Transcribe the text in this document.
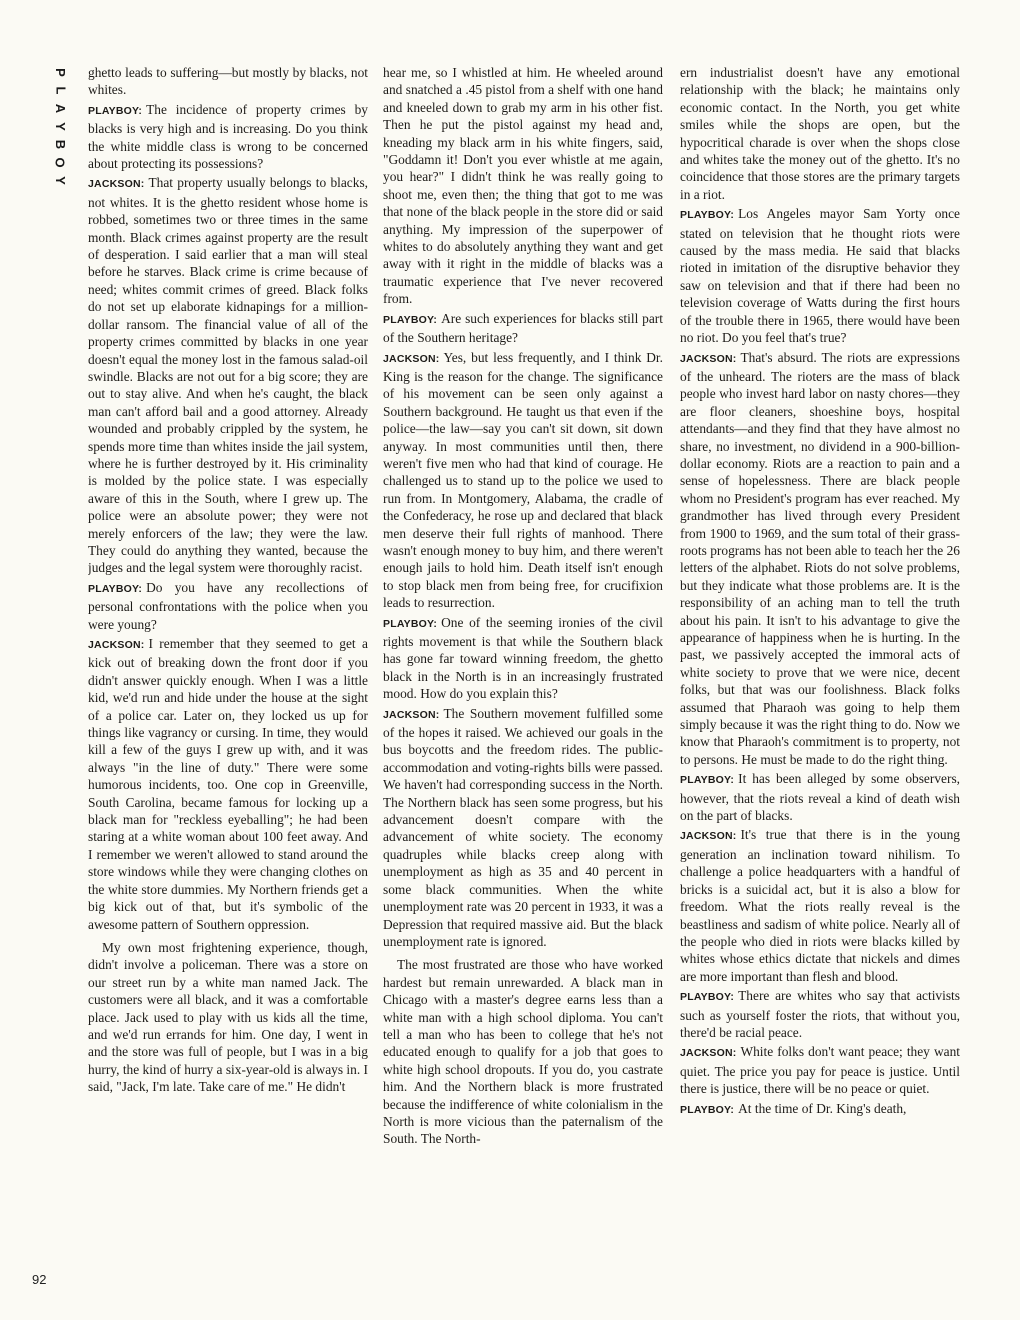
P
L
A
Y
B
O
Y

ghetto leads to suffering—but mostly by blacks, not whites.

PLAYBOY: The incidence of property crimes by blacks is very high and is increasing. Do you think the white middle class is wrong to be concerned about protecting its possessions?

JACKSON: That property usually belongs to blacks, not whites. It is the ghetto resident whose home is robbed, sometimes two or three times in the same month. Black crimes against property are the result of desperation. I said earlier that a man will steal before he starves. Black crime is crime because of need; whites commit crimes of greed. Black folks do not set up elaborate kidnapings for a million-dollar ransom. The financial value of all of the property crimes committed by blacks in one year doesn't equal the money lost in the famous salad-oil swindle. Blacks are not out for a big score; they are out to stay alive. And when he's caught, the black man can't afford bail and a good attorney. Already wounded and probably crippled by the system, he spends more time than whites inside the jail system, where he is further destroyed by it. His criminality is molded by the police state. I was especially aware of this in the South, where I grew up. The police were an absolute power; they were not merely enforcers of the law; they were the law. They could do anything they wanted, because the judges and the legal system were thoroughly racist.

PLAYBOY: Do you have any recollections of personal confrontations with the police when you were young?

JACKSON: I remember that they seemed to get a kick out of breaking down the front door if you didn't answer quickly enough. When I was a little kid, we'd run and hide under the house at the sight of a police car. Later on, they locked us up for things like vagrancy or cursing. In time, they would kill a few of the guys I grew up with, and it was always "in the line of duty." There were some humorous incidents, too. One cop in Greenville, South Carolina, became famous for locking up a black man for "reckless eyeballing"; he had been staring at a white woman about 100 feet away. And I remember we weren't allowed to stand around the store windows while they were changing clothes on the white store dummies. My Northern friends get a big kick out of that, but it's symbolic of the awesome pattern of Southern oppression.

My own most frightening experience, though, didn't involve a policeman. There was a store on our street run by a white man named Jack. The customers were all black, and it was a comfortable place. Jack used to play with us kids all the time, and we'd run errands for him. One day, I went in and the store was full of people, but I was in a big hurry, the kind of hurry a six-year-old is always in. I said, "Jack, I'm late. Take care of me." He didn't

hear me, so I whistled at him. He wheeled around and snatched a .45 pistol from a shelf with one hand and kneeled down to grab my arm in his other fist. Then he put the pistol against my head and, kneading my black arm in his white fingers, said, "Goddamn it! Don't you ever whistle at me again, you hear?" I didn't think he was really going to shoot me, even then; the thing that got to me was that none of the black people in the store did or said anything. My impression of the superpower of whites to do absolutely anything they want and get away with it right in the middle of blacks was a traumatic experience that I've never recovered from.

PLAYBOY: Are such experiences for blacks still part of the Southern heritage?

JACKSON: Yes, but less frequently, and I think Dr. King is the reason for the change. The significance of his movement can be seen only against a Southern background. He taught us that even if the police—the law—say you can't sit down, sit down anyway. In most communities until then, there weren't five men who had that kind of courage. He challenged us to stand up to the police we used to run from. In Montgomery, Alabama, the cradle of the Confederacy, he rose up and declared that black men deserve their full rights of manhood. There wasn't enough money to buy him, and there weren't enough jails to hold him. Death itself isn't enough to stop black men from being free, for crucifixion leads to resurrection.

PLAYBOY: One of the seeming ironies of the civil rights movement is that while the Southern black has gone far toward winning freedom, the ghetto black in the North is in an increasingly frustrated mood. How do you explain this?

JACKSON: The Southern movement fulfilled some of the hopes it raised. We achieved our goals in the bus boycotts and the freedom rides. The public-accommodation and voting-rights bills were passed. We haven't had corresponding success in the North. The Northern black has seen some progress, but his advancement doesn't compare with the advancement of white society. The economy quadruples while blacks creep along with unemployment as high as 35 and 40 percent in some black communities. When the white unemployment rate was 20 percent in 1933, it was a Depression that required massive aid. But the black unemployment rate is ignored.

The most frustrated are those who have worked hardest but remain unrewarded. A black man in Chicago with a master's degree earns less than a white man with a high school diploma. You can't tell a man who has been to college that he's not educated enough to qualify for a job that goes to white high school dropouts. If you do, you castrate him. And the Northern black is more frustrated because the indifference of white colonialism in the North is more vicious than the paternalism of the South. The North-

ern industrialist doesn't have any emotional relationship with the black; he maintains only economic contact. In the North, you get white smiles while the shops are open, but the hypocritical charade is over when the shops close and whites take the money out of the ghetto. It's no coincidence that those stores are the primary targets in a riot.

PLAYBOY: Los Angeles mayor Sam Yorty once stated on television that he thought riots were caused by the mass media. He said that blacks rioted in imitation of the disruptive behavior they saw on television and that if there had been no television coverage of Watts during the first hours of the trouble there in 1965, there would have been no riot. Do you feel that's true?

JACKSON: That's absurd. The riots are expressions of the unheard. The rioters are the mass of black people who invest hard labor on nasty chores—they are floor cleaners, shoeshine boys, hospital attendants—and they find that they have almost no share, no investment, no dividend in a 900-billion-dollar economy. Riots are a reaction to pain and a sense of hopelessness. There are black people whom no President's program has ever reached. My grandmother has lived through every President from 1900 to 1969, and the sum total of their grass-roots programs has not been able to teach her the 26 letters of the alphabet. Riots do not solve problems, but they indicate what those problems are. It is the responsibility of an aching man to tell the truth about his pain. It isn't to his advantage to give the appearance of happiness when he is hurting. In the past, we passively accepted the immoral acts of white society to prove that we were nice, decent folks, but that was our foolishness. Black folks assumed that Pharaoh was going to help them simply because it was the right thing to do. Now we know that Pharaoh's commitment is to property, not to persons. He must be made to do the right thing.

PLAYBOY: It has been alleged by some observers, however, that the riots reveal a kind of death wish on the part of blacks.

JACKSON: It's true that there is in the young generation an inclination toward nihilism. To challenge a police headquarters with a handful of bricks is a suicidal act, but it is also a blow for freedom. What the riots really reveal is the beastliness and sadism of white police. Nearly all of the people who died in riots were blacks killed by whites whose ethics dictate that nickels and dimes are more important than flesh and blood.

PLAYBOY: There are whites who say that activists such as yourself foster the riots, that without you, there'd be racial peace.

JACKSON: White folks don't want peace; they want quiet. The price you pay for peace is justice. Until there is justice, there will be no peace or quiet.

PLAYBOY: At the time of Dr. King's death,

92
